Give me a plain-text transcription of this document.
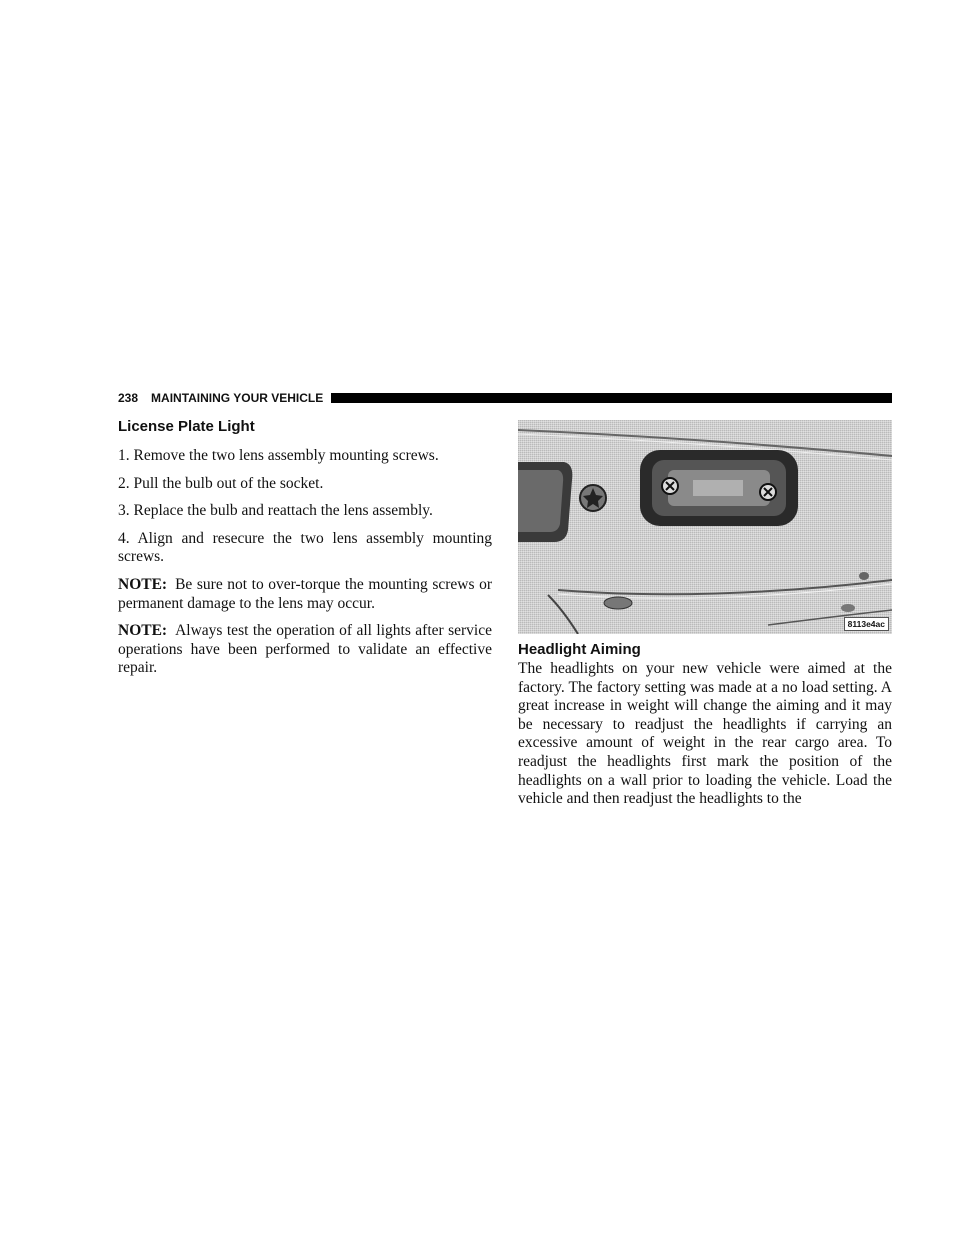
238 MAINTAINING YOUR VEHICLE
License Plate Light

1. Remove the two lens assembly mounting screws.

2. Pull the bulb out of the socket.

3. Replace the bulb and reattach the lens assembly.

4. Align and resecure the two lens assembly mounting screws.

NOTE: Be sure not to over-torque the mounting screws or permanent damage to the lens may occur.

NOTE: Always test the operation of all lights after service operations have been performed to validate an effective repair.

8113e4ac
Headlight Aiming

The headlights on your new vehicle were aimed at the factory. The factory setting was made at a no load setting. A great increase in weight will change the aiming and it may be necessary to readjust the headlights if carrying an excessive amount of weight in the rear cargo area. To readjust the headlights first mark the position of the headlights on a wall prior to loading the vehicle. Load the vehicle and then readjust the headlights to the
